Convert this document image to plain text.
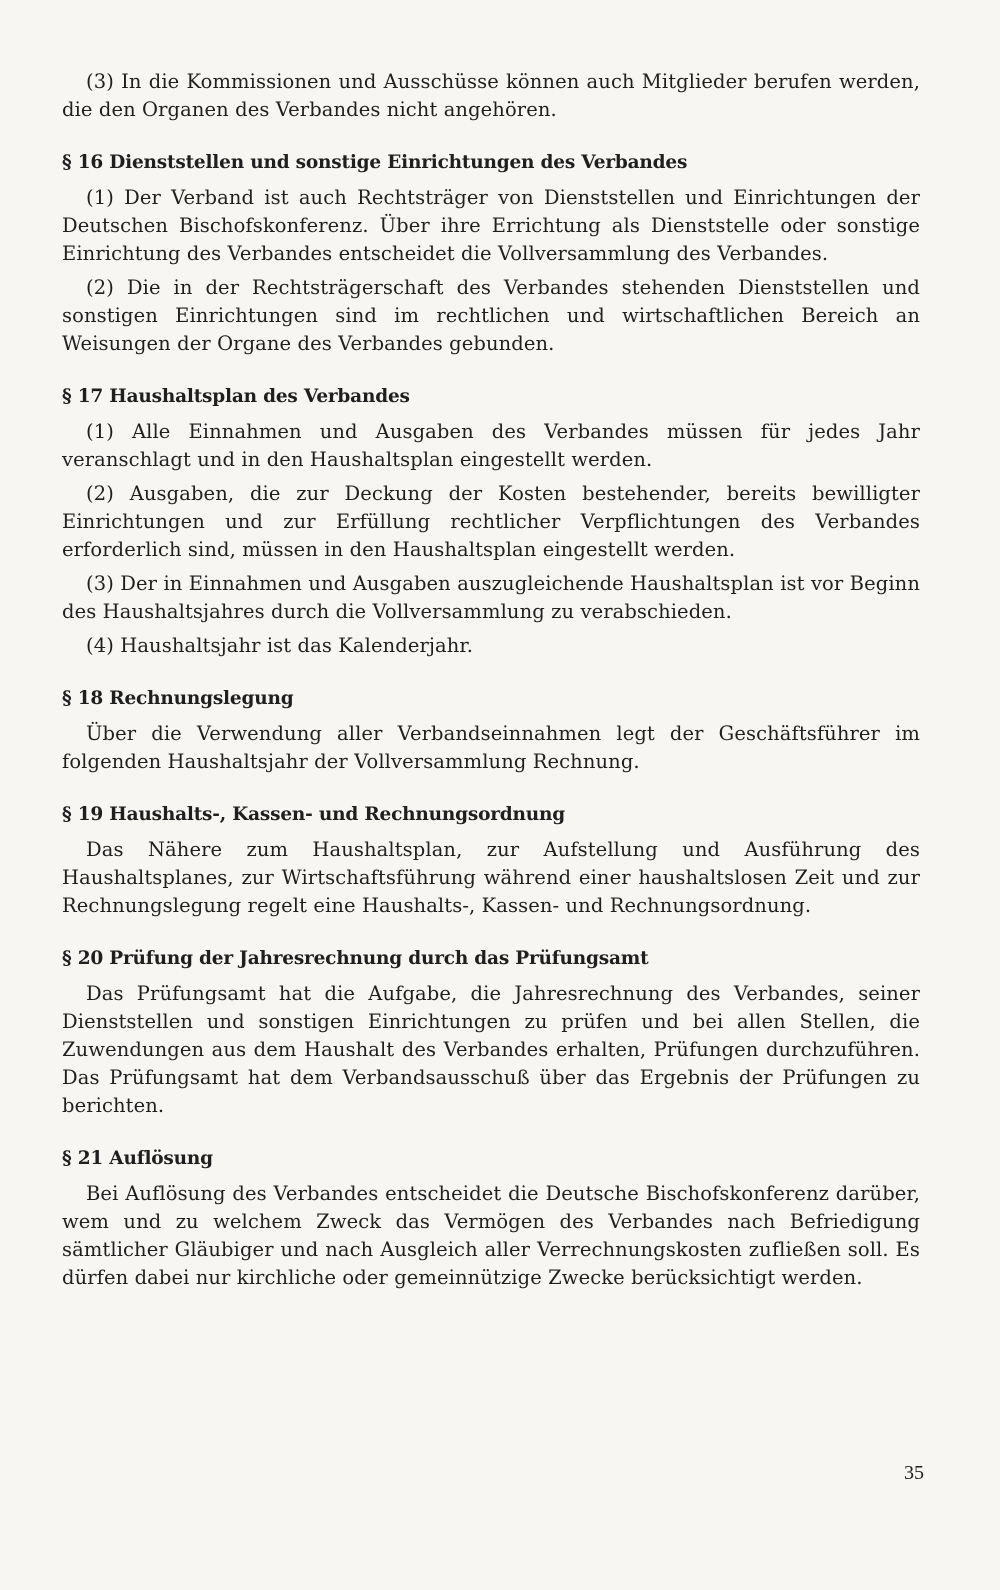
(3) In die Kommissionen und Ausschüsse können auch Mitglieder berufen werden, die den Organen des Verbandes nicht angehören.

§ 16 Dienststellen und sonstige Einrichtungen des Verbandes

(1) Der Verband ist auch Rechtsträger von Dienststellen und Einrichtungen der Deutschen Bischofskonferenz. Über ihre Errichtung als Dienststelle oder sonstige Einrichtung des Verbandes entscheidet die Vollversammlung des Verbandes.

(2) Die in der Rechtsträgerschaft des Verbandes stehenden Dienststellen und sonstigen Einrichtungen sind im rechtlichen und wirtschaftlichen Bereich an Weisungen der Organe des Verbandes gebunden.

§ 17 Haushaltsplan des Verbandes

(1) Alle Einnahmen und Ausgaben des Verbandes müssen für jedes Jahr veranschlagt und in den Haushaltsplan eingestellt werden.

(2) Ausgaben, die zur Deckung der Kosten bestehender, bereits bewilligter Einrichtungen und zur Erfüllung rechtlicher Verpflichtungen des Verbandes erforderlich sind, müssen in den Haushaltsplan eingestellt werden.

(3) Der in Einnahmen und Ausgaben auszugleichende Haushaltsplan ist vor Beginn des Haushaltsjahres durch die Vollversammlung zu verabschieden.

(4) Haushaltsjahr ist das Kalenderjahr.

§ 18 Rechnungslegung

Über die Verwendung aller Verbandseinnahmen legt der Geschäftsführer im folgenden Haushaltsjahr der Vollversammlung Rechnung.

§ 19 Haushalts-, Kassen- und Rechnungsordnung

Das Nähere zum Haushaltsplan, zur Aufstellung und Ausführung des Haushaltsplanes, zur Wirtschaftsführung während einer haushaltslosen Zeit und zur Rechnungslegung regelt eine Haushalts-, Kassen- und Rechnungsordnung.

§ 20 Prüfung der Jahresrechnung durch das Prüfungsamt

Das Prüfungsamt hat die Aufgabe, die Jahresrechnung des Verbandes, seiner Dienststellen und sonstigen Einrichtungen zu prüfen und bei allen Stellen, die Zuwendungen aus dem Haushalt des Verbandes erhalten, Prüfungen durchzuführen. Das Prüfungsamt hat dem Verbandsausschuß über das Ergebnis der Prüfungen zu berichten.

§ 21 Auflösung

Bei Auflösung des Verbandes entscheidet die Deutsche Bischofskonferenz darüber, wem und zu welchem Zweck das Vermögen des Verbandes nach Befriedigung sämtlicher Gläubiger und nach Ausgleich aller Verrechnungskosten zufließen soll. Es dürfen dabei nur kirchliche oder gemeinnützige Zwecke berücksichtigt werden.

35
